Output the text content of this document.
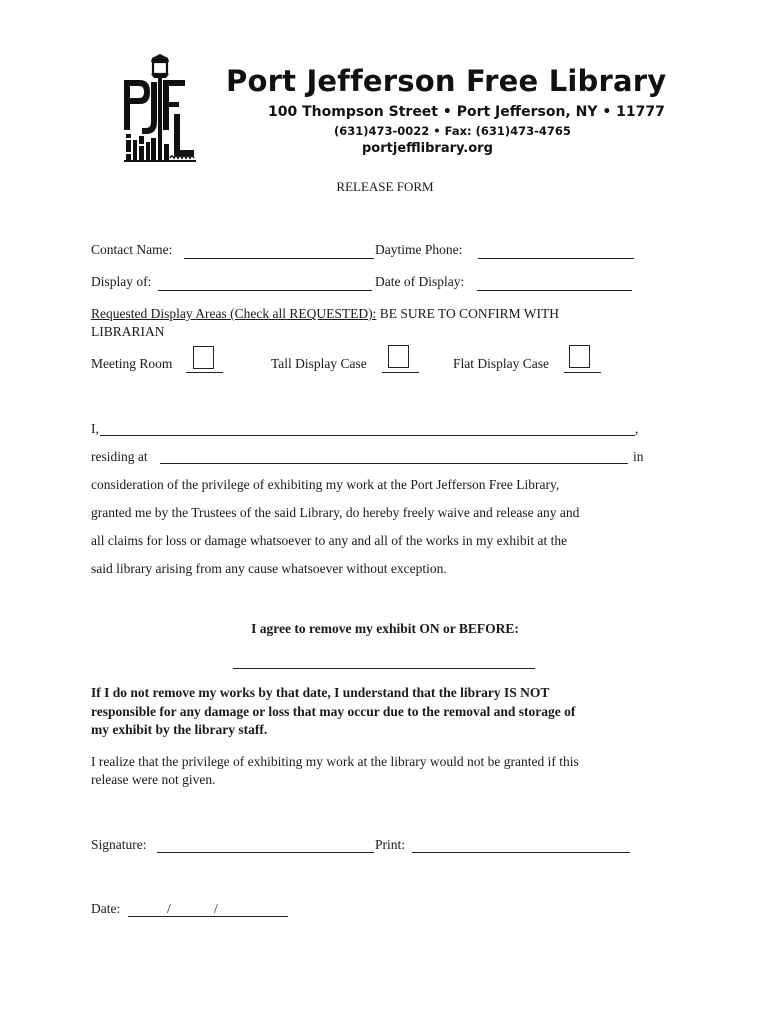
Port Jefferson Free Library
100 Thompson Street • Port Jefferson, NY • 11777
(631)473-0022 • Fax: (631)473-4765
portjefflibrary.org
RELEASE FORM
Contact Name:	Daytime Phone:
Display of:	Date of Display:
Requested Display Areas (Check all REQUESTED): BE SURE TO CONFIRM WITH
LIBRARIAN
Meeting Room	Tall Display Case	Flat Display Case
I,	,
residing at	in
consideration of the privilege of exhibiting my work at the Port Jefferson Free Library,
granted me by the Trustees of the said Library, do hereby freely waive and release any and
all claims for loss or damage whatsoever to any and all of the works in my exhibit at the
said library arising from any cause whatsoever without exception.
I agree to remove my exhibit ON or BEFORE:
If I do not remove my works by that date, I understand that the library IS NOT
responsible for any damage or loss that may occur due to the removal and storage of
my exhibit by the library staff.
I realize that the privilege of exhibiting my work at the library would not be granted if this
release were not given.
Signature:	Print:
Date:	/	/
